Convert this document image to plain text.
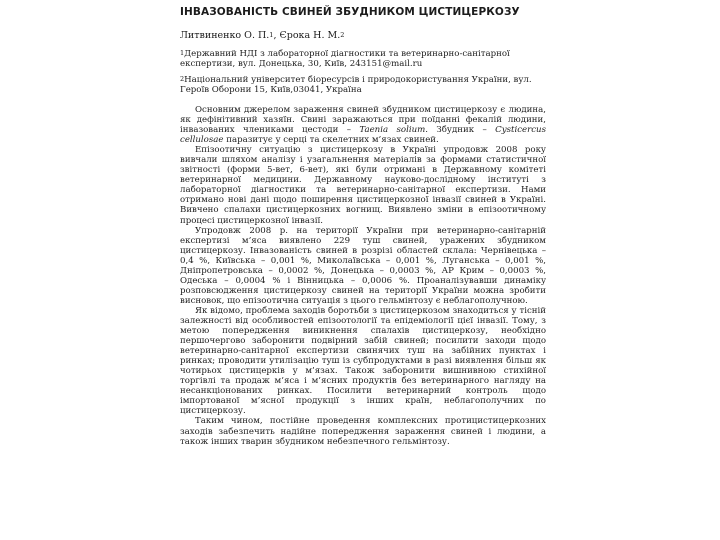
ІНВАЗОВАНІСТЬ СВИНЕЙ ЗБУДНИКОМ ЦИСТИЦЕРКОЗУ
Литвиненко О. П.$^1$, Єрока Н. М.$^2$
$^1$Державний НДІ з лабораторної діагностики та ветеринарно-санітарної експертизи, вул. Донецька, 30, Київ, 243151@mail.ru
$^2$Національний університет біоресурсів і природокористування України, вул. Героїв Оборони 15, Київ,03041, Україна

Основним джерелом зараження свиней збудником цистицеркозу є людина, як дефінітивний хазяїн. Свині заражаються при поїданні фекалій людини, інвазованих члениками цестоди – Taenia solium. Збудник – Cysticercus cellulosae паразитує у серці та скелетних м’язах свиней.

Епізоотичну ситуацію з цистицеркозу в Україні упродовж 2008 року вивчали шляхом аналізу і узагальнення матеріалів за формами статистичної звітності (форми 5-вет, 6-вет), які були отримані в Державному комітеті ветеринарної медицини. Державному науково-дослідному інституті з лабораторної діагностики та ветеринарно-санітарної експертизи. Нами отримано нові дані щодо поширення цистицеркозної інвазії свиней в Україні. Вивчено спалахи цистицеркозних вогнищ. Виявлено зміни в епізоотичному процесі цистицеркозної інвазії.

Упродовж 2008 р. на території України при ветеринарно-санітарній експертизі м’яса виявлено 229 туш свиней, уражених збудником цистицеркозу. Інвазованість свиней в розрізі областей склала: Чернівецька – 0,4 %, Київська – 0,001 %, Миколаївська – 0,001 %, Луганська – 0,001 %, Дніпропетровська – 0,0002 %, Донецька – 0,0003 %, АР Крим – 0,0003 %, Одеська – 0,0004 % і Вінницька – 0,0006 %. Проаналізувавши динаміку розповсюдження цистицеркозу свиней на території України можна зробити висновок, що епізоотична ситуація з цього гельмінтозу є неблагополучною.

Як відомо, проблема заходів боротьби з цистицеркозом знаходиться у тісній залежності від особливостей епізоотології та епідеміології цієї інвазії. Тому, з метою попередження виникнення спалахів цистицеркозу, необхідно першочергово заборонити подвірний забій свиней; посилити заходи щодо ветеринарно-санітарної експертизи свинячих туш на забійних пунктах і ринках; проводити утилізацію туш із субпродуктами в разі виявлення більш як чотирьох цистицерків у м’язах. Також заборонити вишнивною стихійної торгівлі та продаж м’яса і м’ясних продуктів без ветеринарного нагляду на несанкціонованих ринках. Посилити ветеринарний контроль щодо імпортованої м’ясної продукції з інших країн, неблагополучних по цистицеркозу.

Таким чином, постійне проведення комплексних протицистицеркозних заходів забезпечить надійне попередження зараження свиней і людини, а також інших тварин збудником небезпечного гельмінтозу.
